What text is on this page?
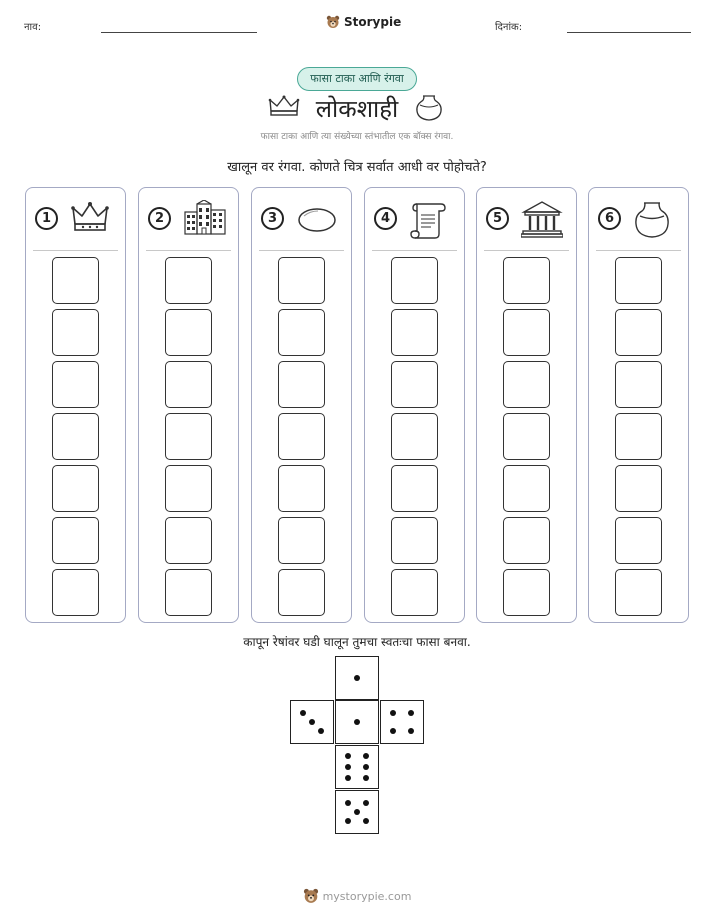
नाव:	Storypie	दिनांक:
फासा टाका आणि रंगवा
लोकशाही
फासा टाका आणि त्या संख्येच्या स्तंभातील एक बॉक्स रंगवा.
खालून वर रंगवा. कोणते चित्र सर्वात आधी वर पोहोचते?
1	2	3	4	5	6
कापून रेषांवर घडी घालून तुमचा स्वतःचा फासा बनवा.
mystorypie.com
